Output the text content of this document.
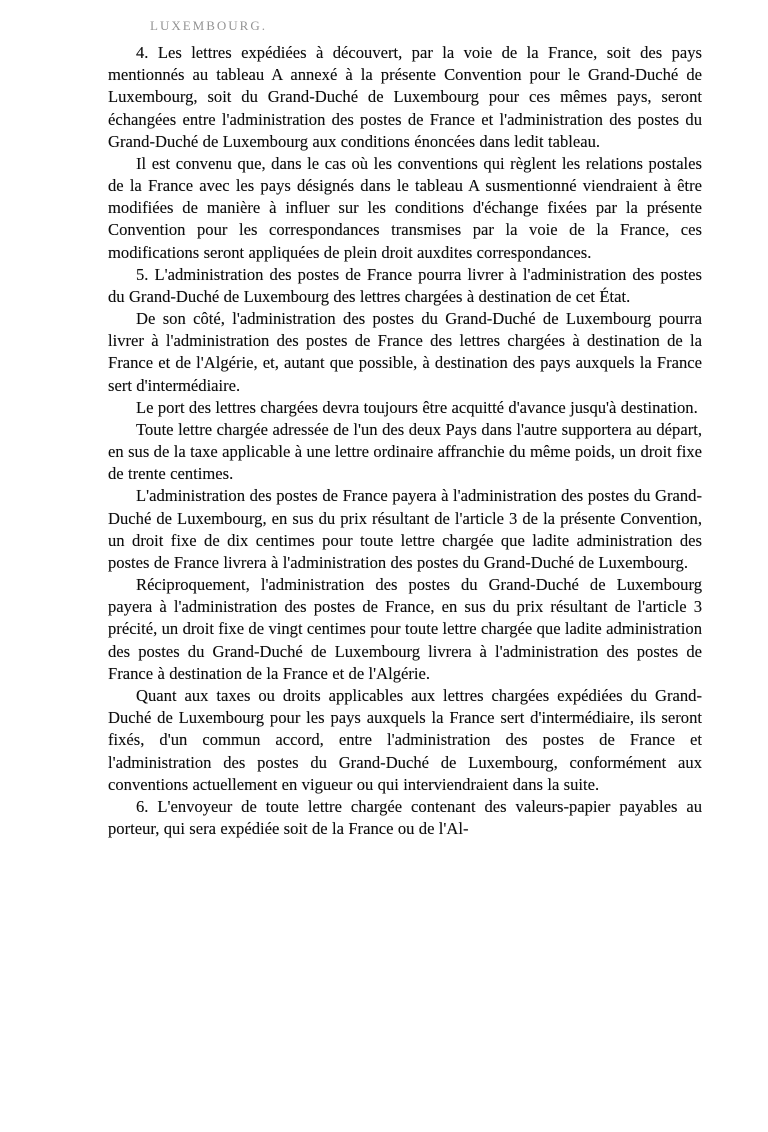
LUXEMBOURG.

4. Les lettres expédiées à découvert, par la voie de la France, soit des pays mentionnés au tableau A annexé à la présente Convention pour le Grand-Duché de Luxembourg, soit du Grand-Duché de Luxembourg pour ces mêmes pays, seront échangées entre l'administration des postes de France et l'administration des postes du Grand-Duché de Luxembourg aux conditions énoncées dans ledit tableau.

Il est convenu que, dans le cas où les conventions qui règlent les relations postales de la France avec les pays désignés dans le tableau A susmentionné viendraient à être modifiées de manière à influer sur les conditions d'échange fixées par la présente Convention pour les correspondances transmises par la voie de la France, ces modifications seront appliquées de plein droit auxdites correspondances.

5. L'administration des postes de France pourra livrer à l'administration des postes du Grand-Duché de Luxembourg des lettres chargées à destination de cet État.

De son côté, l'administration des postes du Grand-Duché de Luxembourg pourra livrer à l'administration des postes de France des lettres chargées à destination de la France et de l'Algérie, et, autant que possible, à destination des pays auxquels la France sert d'intermédiaire.

Le port des lettres chargées devra toujours être acquitté d'avance jusqu'à destination.

Toute lettre chargée adressée de l'un des deux Pays dans l'autre supportera au départ, en sus de la taxe applicable à une lettre ordinaire affranchie du même poids, un droit fixe de trente centimes.

L'administration des postes de France payera à l'administration des postes du Grand-Duché de Luxembourg, en sus du prix résultant de l'article 3 de la présente Convention, un droit fixe de dix centimes pour toute lettre chargée que ladite administration des postes de France livrera à l'administration des postes du Grand-Duché de Luxembourg.

Réciproquement, l'administration des postes du Grand-Duché de Luxembourg payera à l'administration des postes de France, en sus du prix résultant de l'article 3 précité, un droit fixe de vingt centimes pour toute lettre chargée que ladite administration des postes du Grand-Duché de Luxembourg livrera à l'administration des postes de France à destination de la France et de l'Algérie.

Quant aux taxes ou droits applicables aux lettres chargées expédiées du Grand-Duché de Luxembourg pour les pays auxquels la France sert d'intermédiaire, ils seront fixés, d'un commun accord, entre l'administration des postes de France et l'administration des postes du Grand-Duché de Luxembourg, conformément aux conventions actuellement en vigueur ou qui interviendraient dans la suite.

6. L'envoyeur de toute lettre chargée contenant des valeurs-papier payables au porteur, qui sera expédiée soit de la France ou de l'Al-
